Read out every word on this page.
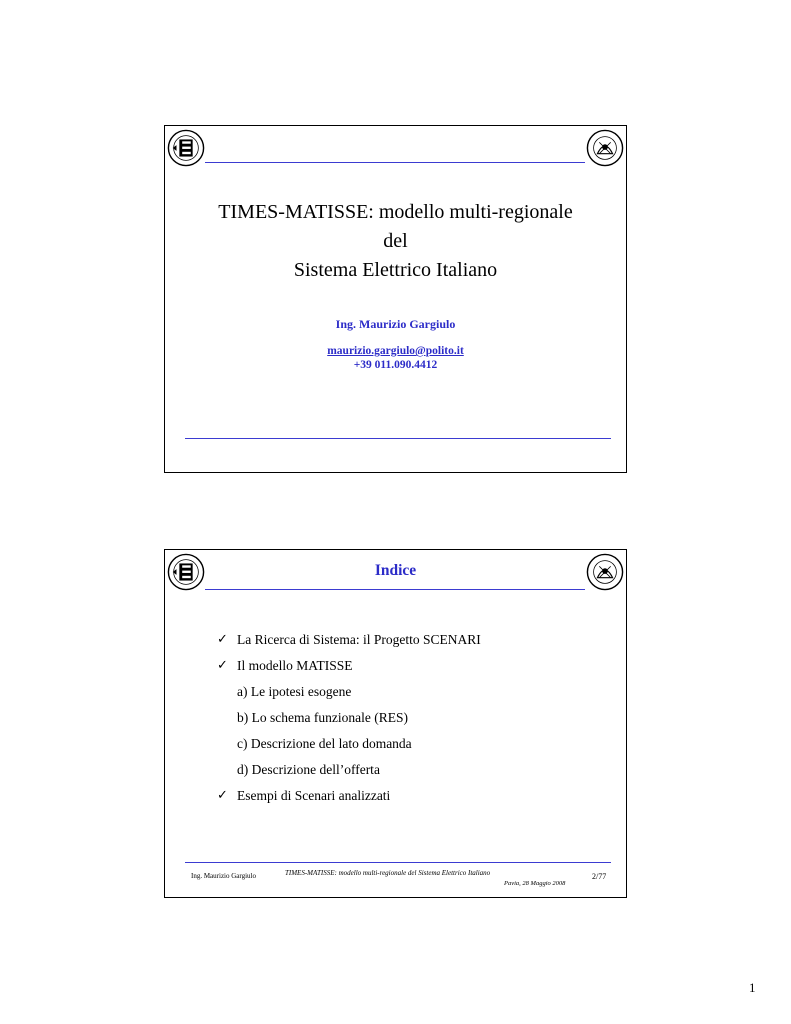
TIMES-MATISSE: modello multi-regionale
del
Sistema Elettrico Italiano
Ing. Maurizio Gargiulo
maurizio.gargiulo@polito.it
+39 011.090.4412
Indice
✓ La Ricerca di Sistema: il Progetto SCENARI
✓ Il modello MATISSE
a) Le ipotesi esogene
b) Lo schema funzionale (RES)
c) Descrizione del lato domanda
d) Descrizione dell’offerta
✓ Esempi di Scenari analizzati
Ing. Maurizio Gargiulo	TIMES-MATISSE: modello multi-regionale del Sistema Elettrico Italiano
Pavia, 28 Maggio 2008
2/77
1
